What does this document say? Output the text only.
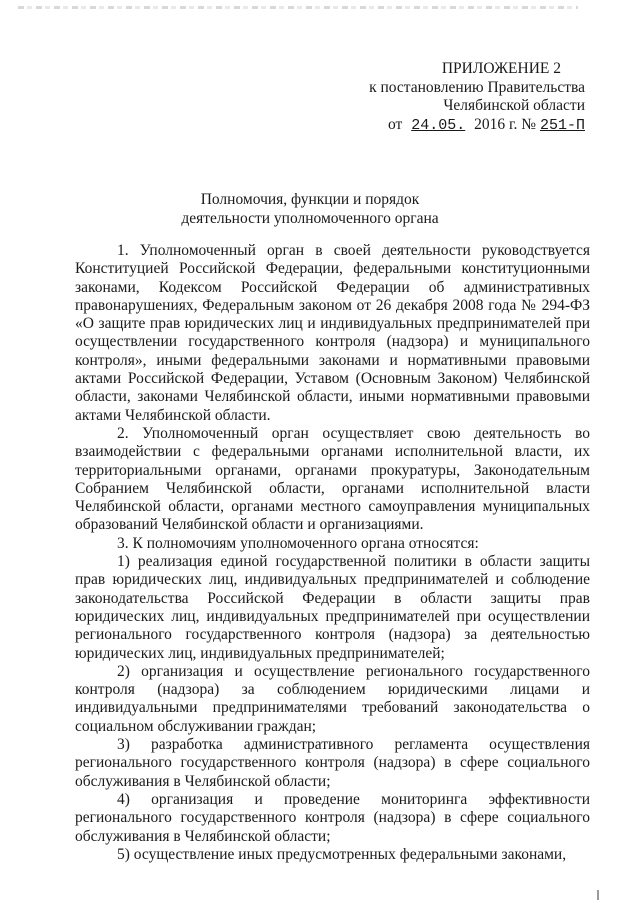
ПРИЛОЖЕНИЕ 2
к постановлению Правительства
Челябинской области
от 24.05. 2016 г. № 251-П
Полномочия, функции и порядок
деятельности уполномоченного органа

1. Уполномоченный орган в своей деятельности руководствуется Конституцией Российской Федерации, федеральными конституционными законами, Кодексом Российской Федерации об административных правонарушениях, Федеральным законом от 26 декабря 2008 года № 294-ФЗ «О защите прав юридических лиц и индивидуальных предпринимателей при осуществлении государственного контроля (надзора) и муниципального контроля», иными федеральными законами и нормативными правовыми актами Российской Федерации, Уставом (Основным Законом) Челябинской области, законами Челябинской области, иными нормативными правовыми актами Челябинской области.

2. Уполномоченный орган осуществляет свою деятельность во взаимодействии с федеральными органами исполнительной власти, их территориальными органами, органами прокуратуры, Законодательным Собранием Челябинской области, органами исполнительной власти Челябинской области, органами местного самоуправления муниципальных образований Челябинской области и организациями.

3. К полномочиям уполномоченного органа относятся:

1) реализация единой государственной политики в области защиты прав юридических лиц, индивидуальных предпринимателей и соблюдение законодательства Российской Федерации в области защиты прав юридических лиц, индивидуальных предпринимателей при осуществлении регионального государственного контроля (надзора) за деятельностью юридических лиц, индивидуальных предпринимателей;

2) организация и осуществление регионального государственного контроля (надзора) за соблюдением юридическими лицами и индивидуальными предпринимателями требований законодательства о социальном обслуживании граждан;

3) разработка административного регламента осуществления регионального государственного контроля (надзора) в сфере социального обслуживания в Челябинской области;

4) организация и проведение мониторинга эффективности регионального государственного контроля (надзора) в сфере социального обслуживания в Челябинской области;

5) осуществление иных предусмотренных федеральными законами,
